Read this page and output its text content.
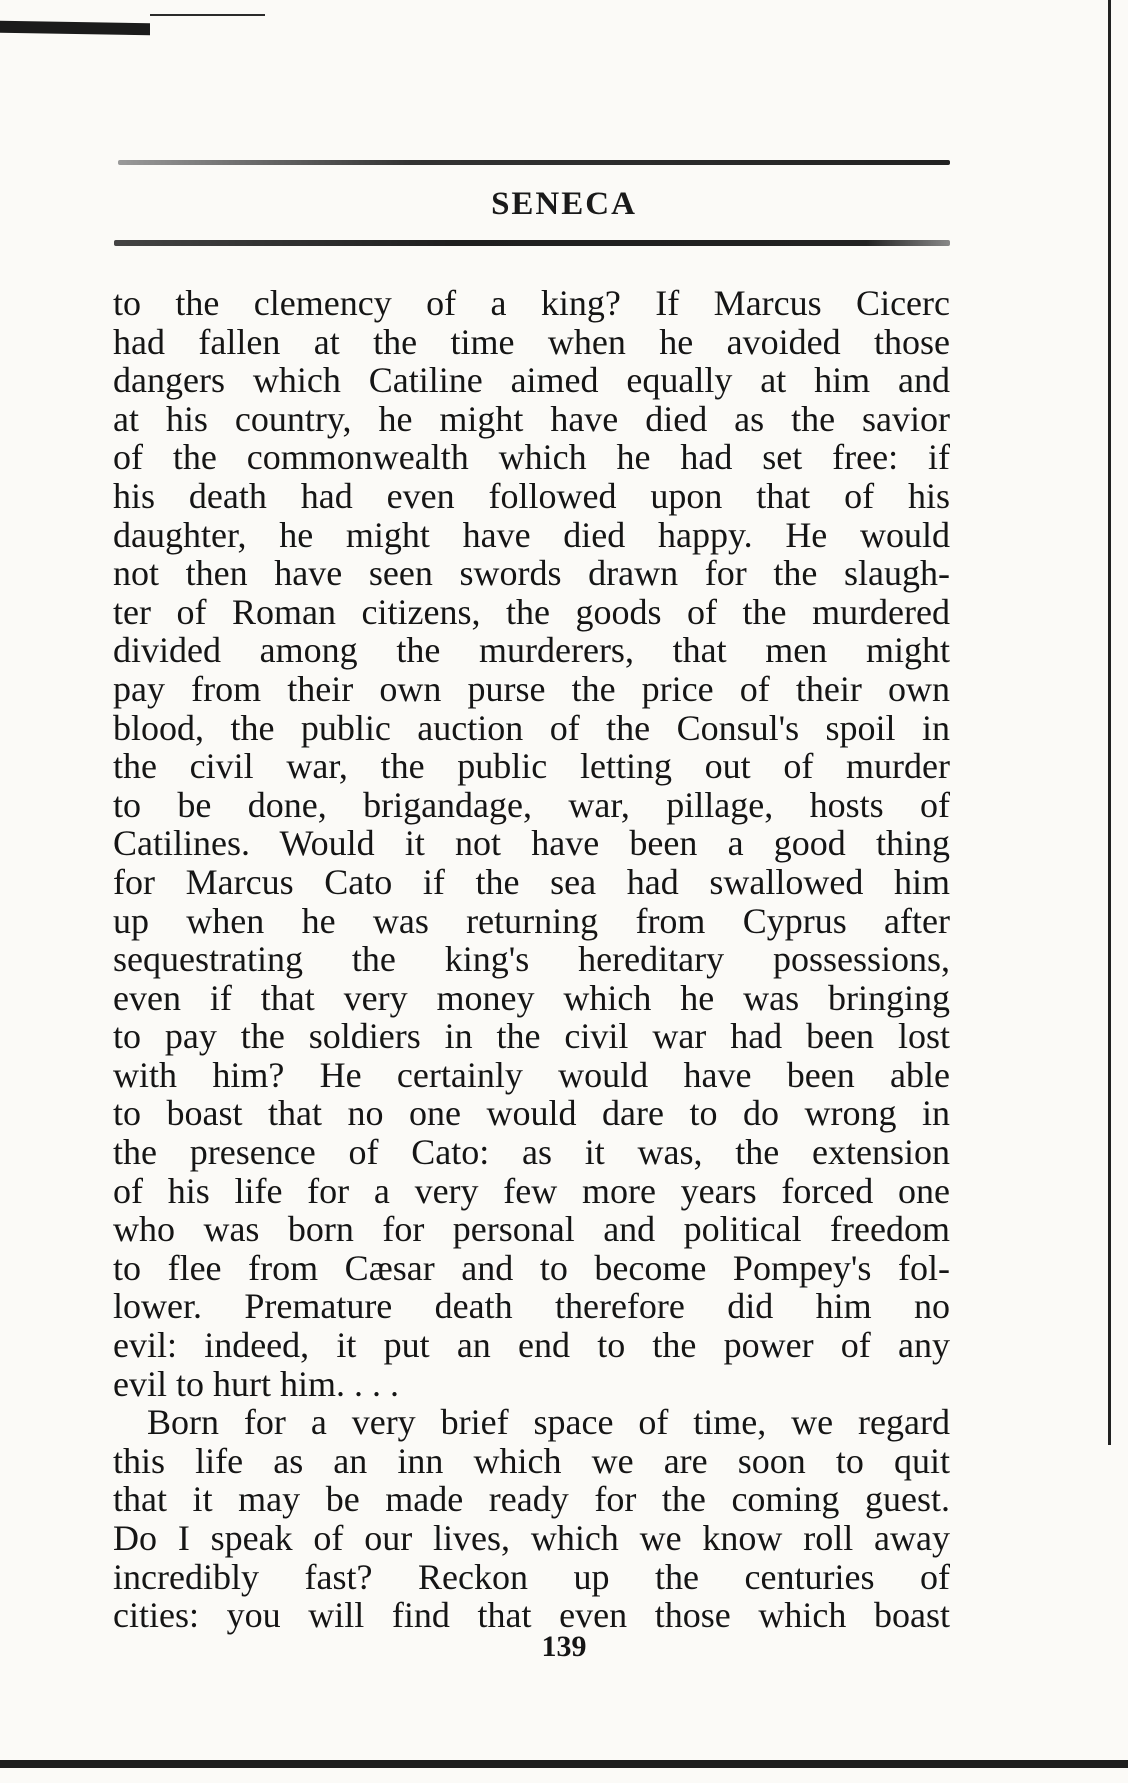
SENECA
to the clemency of a king? If Marcus Cicerc
had fallen at the time when he avoided those
dangers which Catiline aimed equally at him and
at his country, he might have died as the savior
of the commonwealth which he had set free: if
his death had even followed upon that of his
daughter, he might have died happy. He would
not then have seen swords drawn for the slaugh-
ter of Roman citizens, the goods of the murdered
divided among the murderers, that men might
pay from their own purse the price of their own
blood, the public auction of the Consul's spoil in
the civil war, the public letting out of murder
to be done, brigandage, war, pillage, hosts of
Catilines. Would it not have been a good thing
for Marcus Cato if the sea had swallowed him
up when he was returning from Cyprus after
sequestrating the king's hereditary possessions,
even if that very money which he was bringing
to pay the soldiers in the civil war had been lost
with him? He certainly would have been able
to boast that no one would dare to do wrong in
the presence of Cato: as it was, the extension
of his life for a very few more years forced one
who was born for personal and political freedom
to flee from Cæsar and to become Pompey's fol-
lower. Premature death therefore did him no
evil: indeed, it put an end to the power of any
evil to hurt him. . . .
Born for a very brief space of time, we regard
this life as an inn which we are soon to quit
that it may be made ready for the coming guest.
Do I speak of our lives, which we know roll away
incredibly fast? Reckon up the centuries of
cities: you will find that even those which boast
139
